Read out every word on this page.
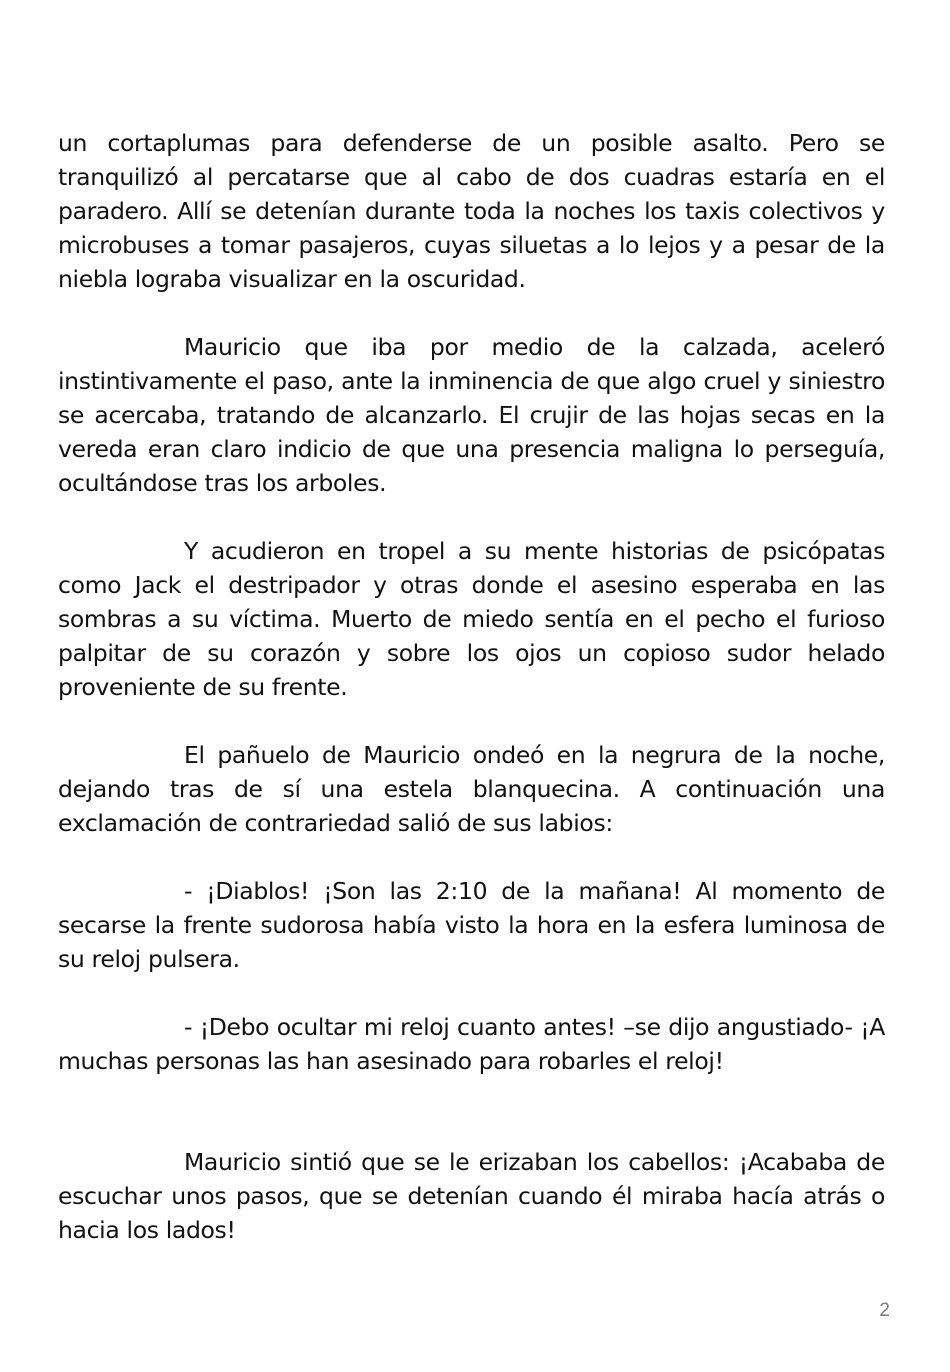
un cortaplumas para defenderse de un posible asalto. Pero se tranquilizó al percatarse que al cabo de dos cuadras estaría en el paradero. Allí se detenían durante toda la noches los taxis colectivos y microbuses a tomar pasajeros, cuyas siluetas a lo lejos y a pesar de la niebla lograba visualizar en la oscuridad.

Mauricio que iba por medio de la calzada, aceleró instintivamente el paso, ante la inminencia de que algo cruel y siniestro se acercaba, tratando de alcanzarlo. El crujir de las hojas secas en la vereda eran claro indicio de que una presencia maligna lo perseguía, ocultándose tras los arboles.

Y acudieron en tropel a su mente historias de psicópatas como Jack el destripador y otras donde el asesino esperaba en las sombras a su víctima. Muerto de miedo sentía en el pecho el furioso palpitar de su corazón y sobre los ojos un copioso sudor helado proveniente de su frente.

El pañuelo de Mauricio ondeó en la negrura de la noche, dejando tras de sí una estela blanquecina. A continuación una exclamación de contrariedad salió de sus labios:

- ¡Diablos! ¡Son las 2:10 de la mañana! Al momento de secarse la frente sudorosa había visto la hora en la esfera luminosa de su reloj pulsera.

- ¡Debo ocultar mi reloj cuanto antes! –se dijo angustiado- ¡A muchas personas las han asesinado para robarles el reloj!

Mauricio sintió que se le erizaban los cabellos: ¡Acababa de escuchar unos pasos, que se detenían cuando él miraba hacía atrás o hacia los lados!

2
